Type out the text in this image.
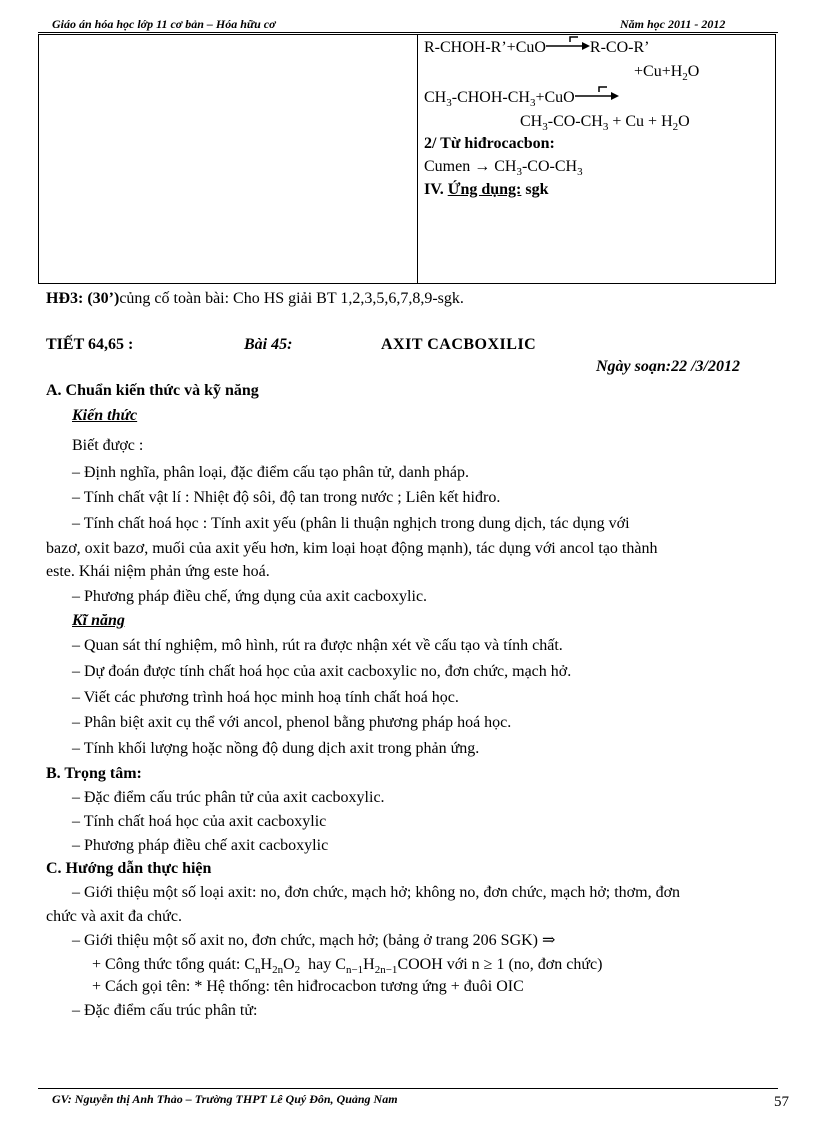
Giáo án hóa học lớp 11 cơ bản – Hóa hữu cơ	Năm học 2011 - 2012
R-CHOH-R’+CuO	R-CO-R’
$+Cu+H_2O$
$CH_3-CHOH-CH_3+CuO$
$CH_3-CO-CH_3 + Cu + H_2O$
2/ Từ hiđrocacbon:
Cumen → $CH_3-CO-CH_3$
IV. Ứng dụng: sgk
HĐ3: (30’)củng cố toàn bài: Cho HS giải BT 1,2,3,5,6,7,8,9-sgk.
TIẾT 64,65 :	Bài 45:	AXIT CACBOXILIC
Ngày soạn:22 /3/2012
A. Chuẩn kiến thức và kỹ năng
Kiến thức
Biết được :
– Định nghĩa, phân loại, đặc điểm cấu tạo phân tử, danh pháp.
– Tính chất vật lí : Nhiệt độ sôi, độ tan trong nước ; Liên kết hiđro.
– Tính chất hoá học : Tính axit yếu (phân li thuận nghịch trong dung dịch, tác dụng với
bazơ, oxit bazơ, muối của axit yếu hơn, kim loại hoạt động mạnh), tác dụng với ancol tạo thành
este. Khái niệm phản ứng este hoá.
– Phương pháp điều chế, ứng dụng của axit cacboxylic.
Kĩ năng
– Quan sát thí nghiệm, mô hình, rút ra được nhận xét về cấu tạo và tính chất.
– Dự đoán được tính chất hoá học của axit cacboxylic no, đơn chức, mạch hở.
– Viết các phương trình hoá học minh hoạ tính chất hoá học.
– Phân biệt axit cụ thể với ancol, phenol bằng phương pháp hoá học.
– Tính khối lượng hoặc nồng độ dung dịch axit trong phản ứng.
B. Trọng tâm:
– Đặc điểm cấu trúc phân tử của axit cacboxylic.
– Tính chất hoá học của axit cacboxylic
– Phương pháp điều chế axit cacboxylic
C. Hướng dẫn thực hiện
– Giới thiệu một số loại axit: no, đơn chức, mạch hở; không no, đơn chức, mạch hở; thơm, đơn
chức và axit đa chức.
– Giới thiệu một số axit no, đơn chức, mạch hở; (bảng ở trang 206 SGK) ⇒
+ Công thức tổng quát: $C_nH_{2n}O_2$  hay $C_{n-1}H_{2n-1}COOH$ với n ≥ 1 (no, đơn chức)
+ Cách gọi tên: * Hệ thống: tên hiđrocacbon tương ứng + đuôi OIC
– Đặc điểm cấu trúc phân tử:
GV: Nguyễn thị Anh Thảo – Trường THPT Lê Quý Đôn, Quảng Nam	57
